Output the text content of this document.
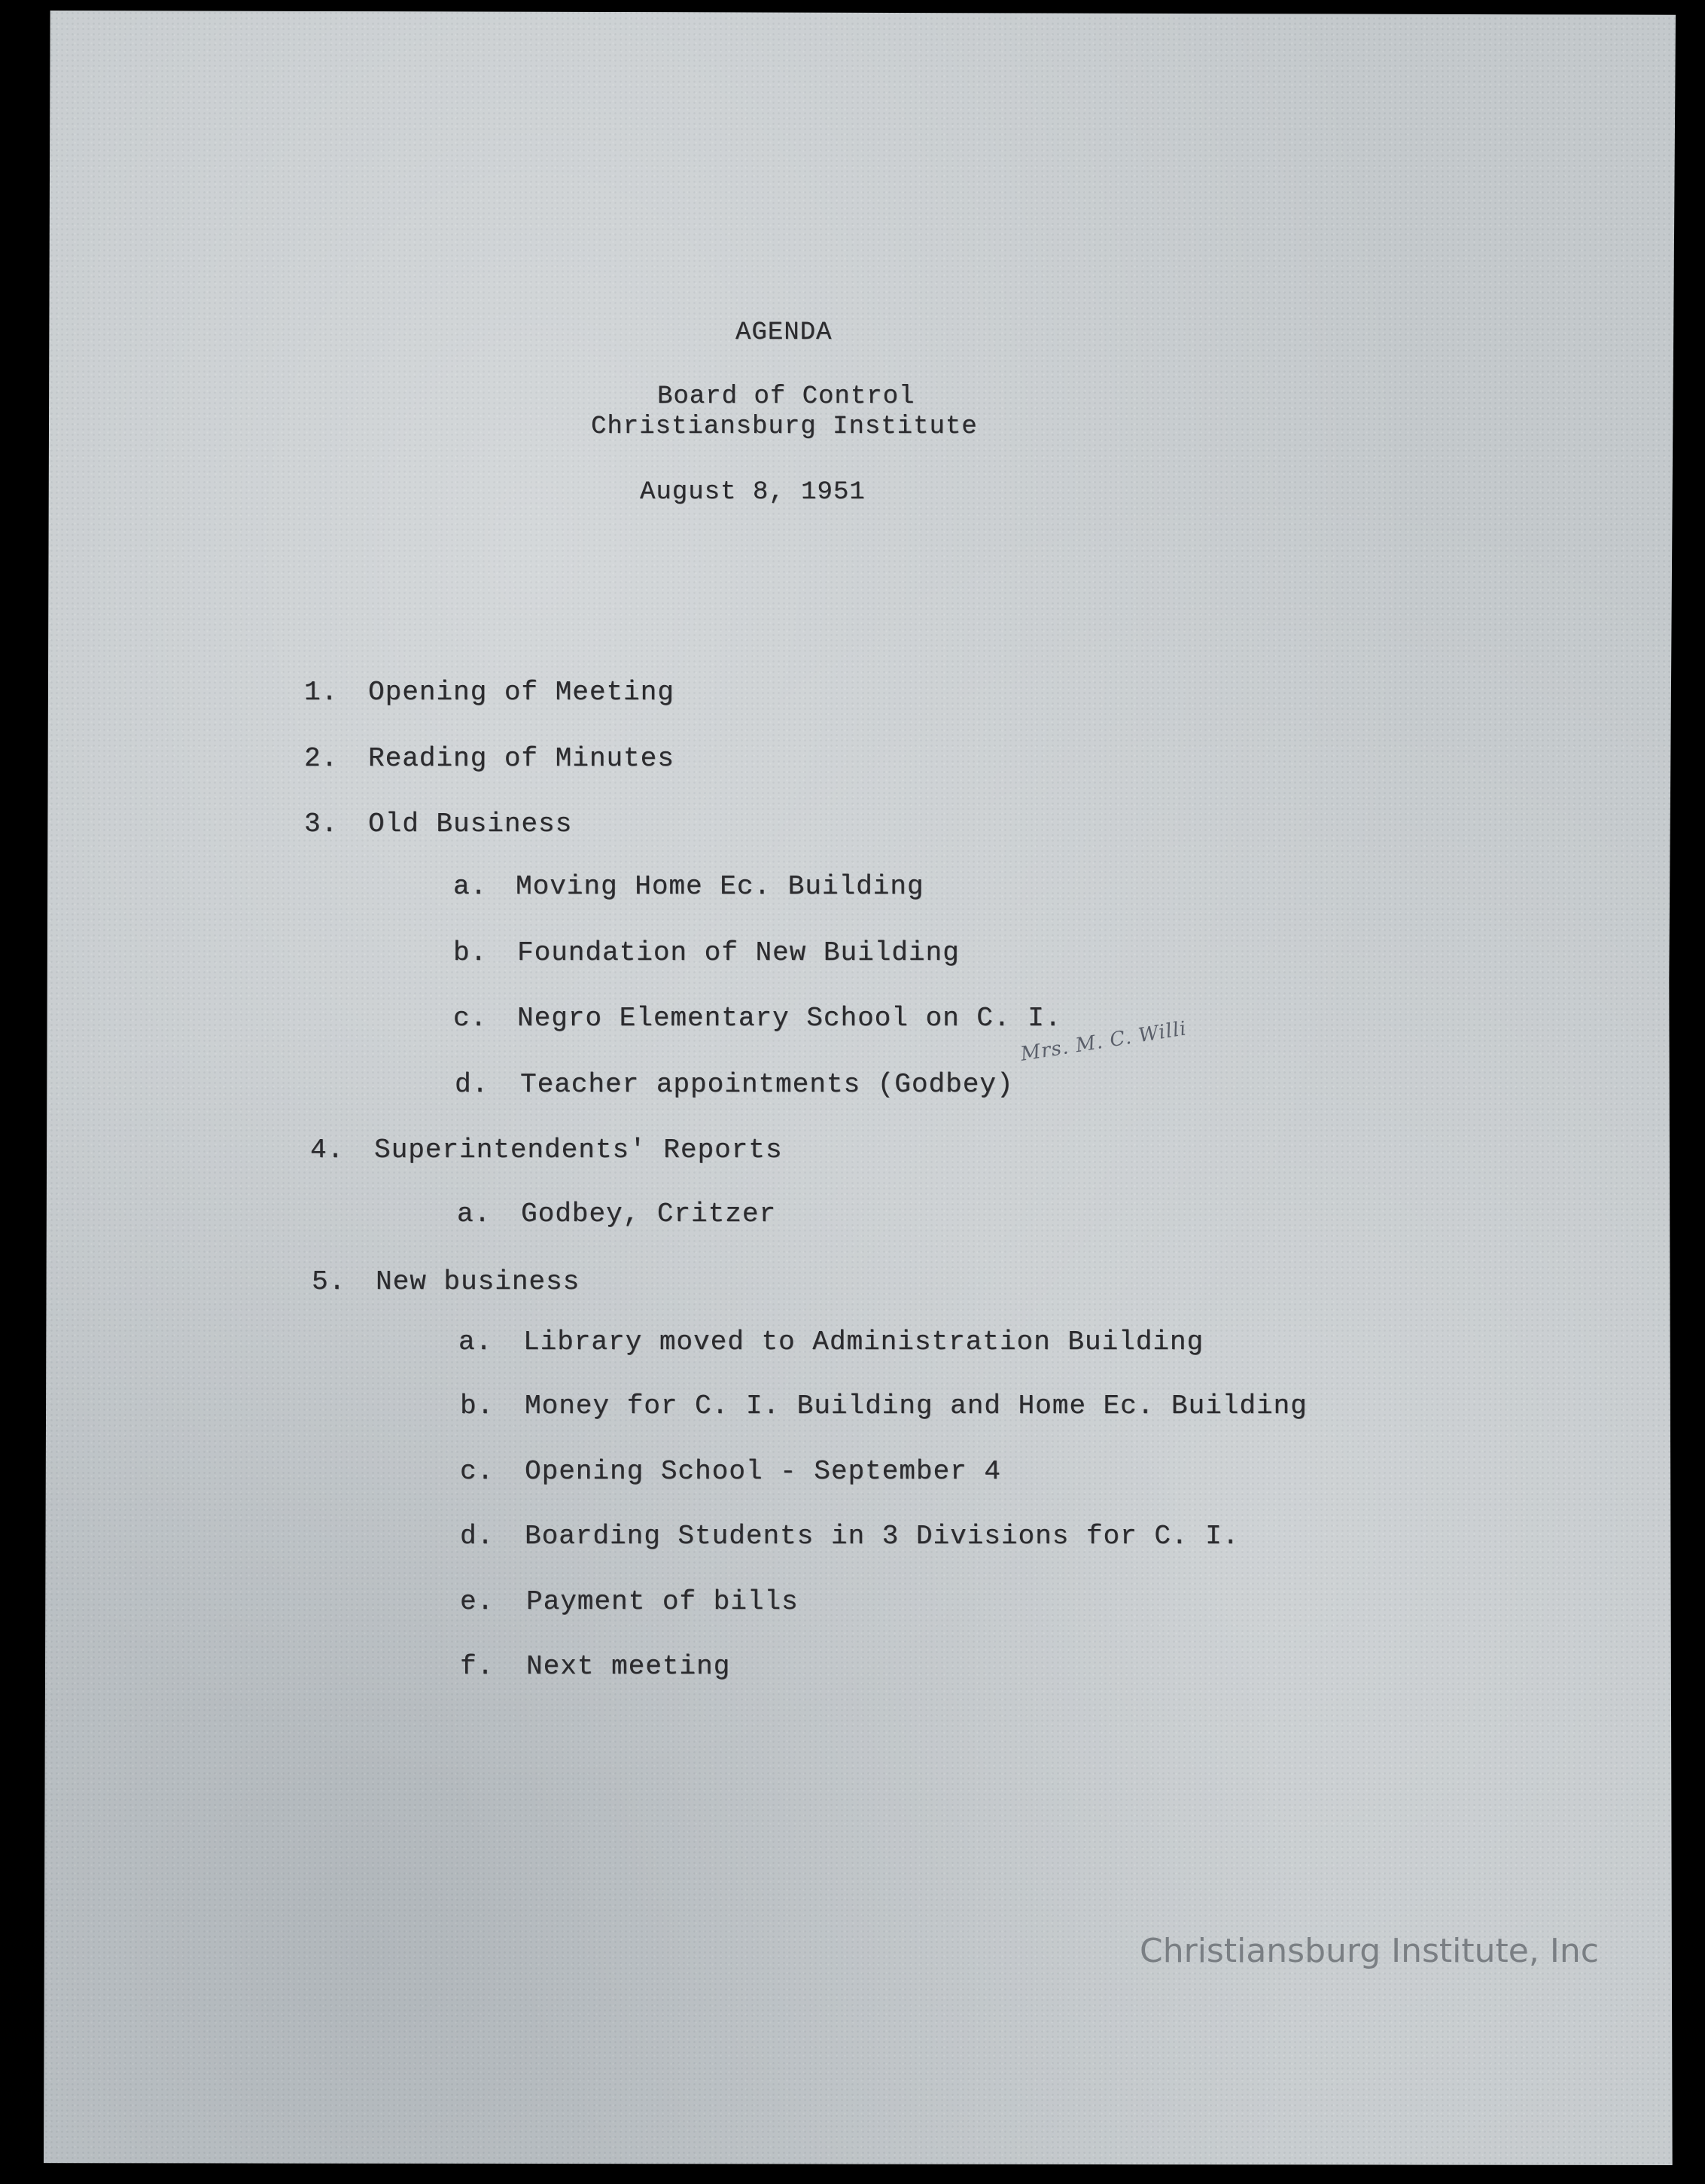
AGENDA
Board of Control
Christiansburg Institute
August 8, 1951
1. Opening of Meeting
2. Reading of Minutes
3. Old Business
a. Moving Home Ec. Building
b. Foundation of New Building
c. Negro Elementary School on C. I.
d. Teacher appointments (Godbey)
4. Superintendents' Reports
a. Godbey, Critzer
5. New business
a. Library moved to Administration Building
b. Money for C. I. Building and Home Ec. Building
c. Opening School - September 4
d. Boarding Students in 3 Divisions for C. I.
e. Payment of bills
f. Next meeting
Mrs. M. C. Willi
Christiansburg Institute, Inc
